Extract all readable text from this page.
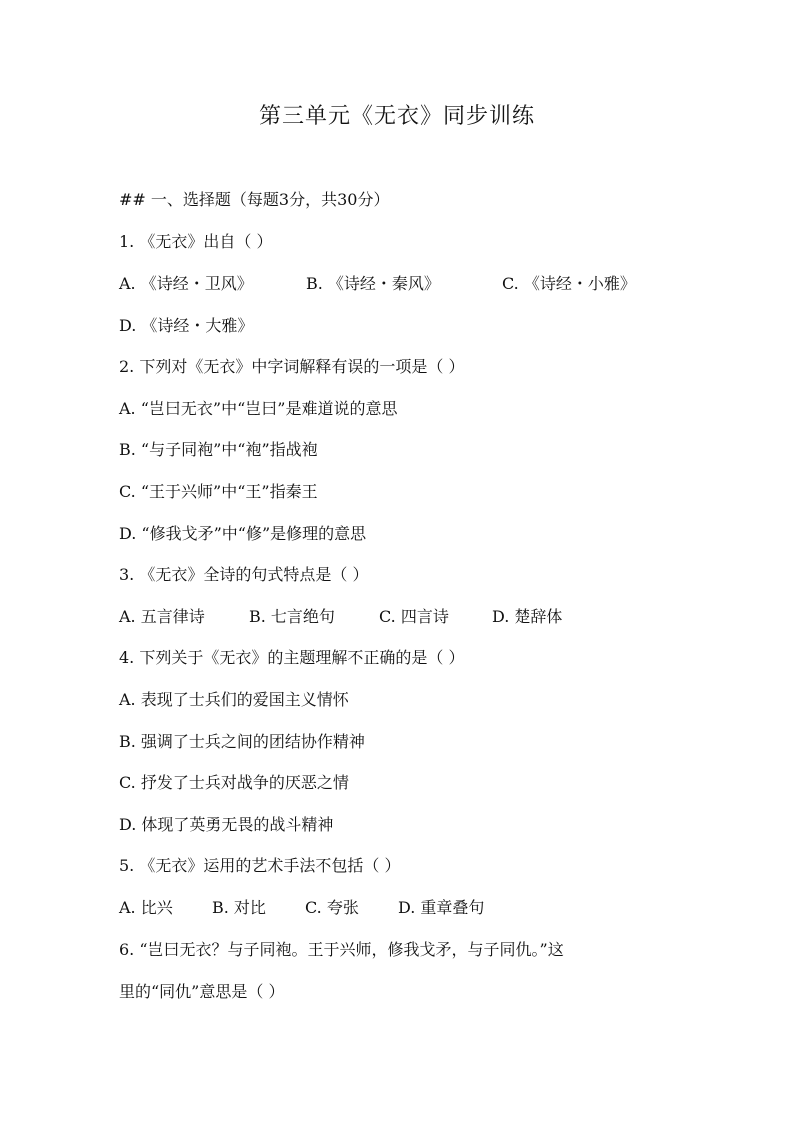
第三单元《无衣》同步训练
## 一、选择题（每题3分，共30分）
1. 《无衣》出自（ ）
A. 《诗经・卫风》	B. 《诗经・秦风》	C. 《诗经・小雅》
D. 《诗经・大雅》
2. 下列对《无衣》中字词解释有误的一项是（ ）
A. “岂曰无衣”中“岂曰”是难道说的意思
B. “与子同袍”中“袍”指战袍
C. “王于兴师”中“王”指秦王
D. “修我戈矛”中“修”是修理的意思
3. 《无衣》全诗的句式特点是（ ）
A. 五言律诗	B. 七言绝句	C. 四言诗	D. 楚辞体
4. 下列关于《无衣》的主题理解不正确的是（ ）
A. 表现了士兵们的爱国主义情怀
B. 强调了士兵之间的团结协作精神
C. 抒发了士兵对战争的厌恶之情
D. 体现了英勇无畏的战斗精神
5. 《无衣》运用的艺术手法不包括（ ）
A. 比兴 B. 对比 C. 夸张 D. 重章叠句
6. “岂曰无衣？与子同袍。王于兴师，修我戈矛，与子同仇。”这
里的“同仇”意思是（ ）
